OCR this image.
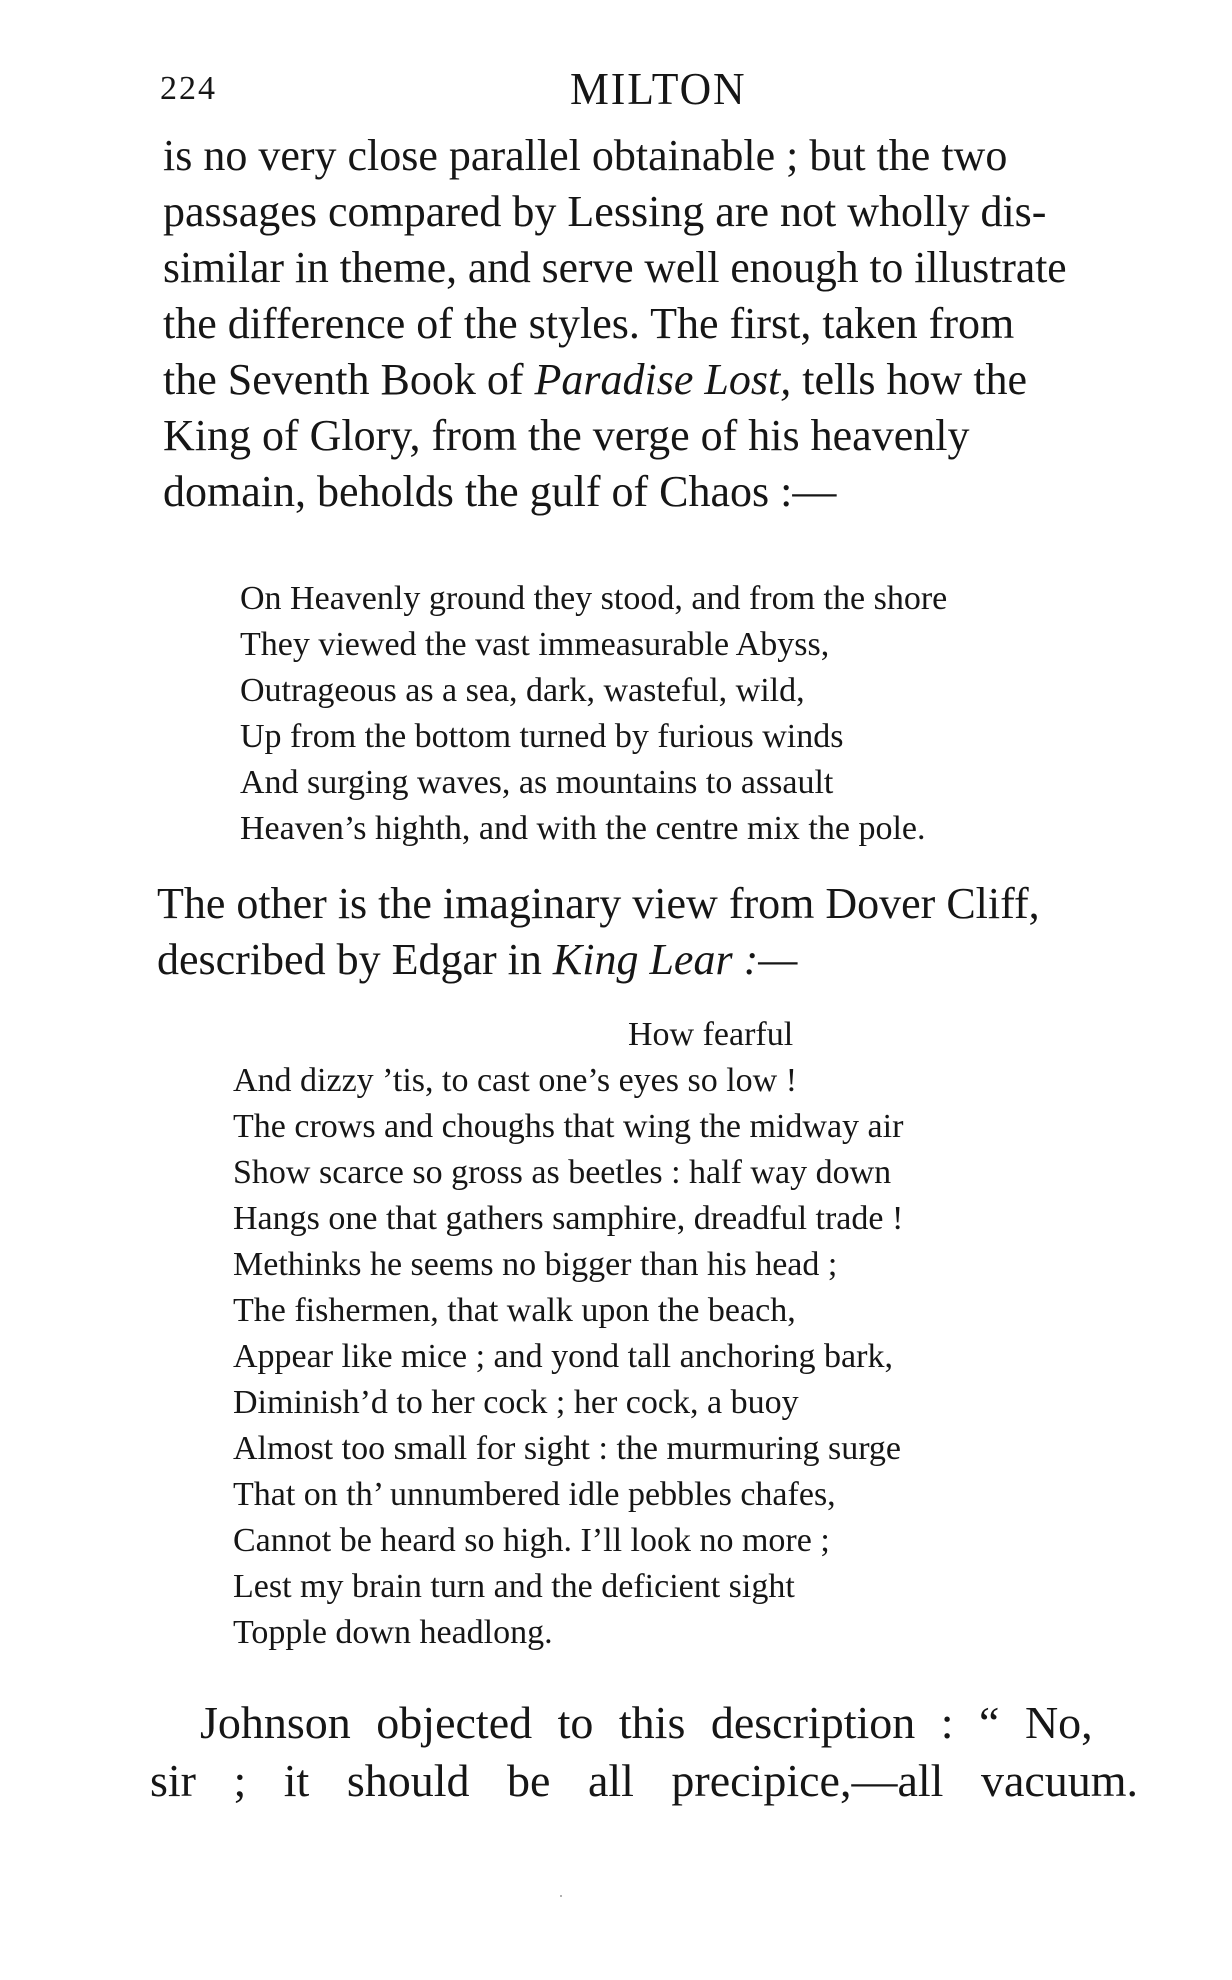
224	MILTON
is no very close parallel obtainable ; but the two
passages compared by Lessing are not wholly dis-
similar in theme, and serve well enough to illustrate
the difference of the styles. The first, taken from
the Seventh Book of Paradise Lost, tells how the
King of Glory, from the verge of his heavenly
domain, beholds the gulf of Chaos :—
On Heavenly ground they stood, and from the shore
They viewed the vast immeasurable Abyss,
Outrageous as a sea, dark, wasteful, wild,
Up from the bottom turned by furious winds
And surging waves, as mountains to assault
Heaven’s highth, and with the centre mix the pole.
The other is the imaginary view from Dover Cliff,
described by Edgar in King Lear :—
How fearful
And dizzy ’tis, to cast one’s eyes so low !
The crows and choughs that wing the midway air
Show scarce so gross as beetles : half way down
Hangs one that gathers samphire, dreadful trade !
Methinks he seems no bigger than his head ;
The fishermen, that walk upon the beach,
Appear like mice ; and yond tall anchoring bark,
Diminish’d to her cock ; her cock, a buoy
Almost too small for sight : the murmuring surge
That on th’ unnumbered idle pebbles chafes,
Cannot be heard so high. I’ll look no more ;
Lest my brain turn and the deficient sight
Topple down headlong.
Johnson objected to this description : “ No,
sir ; it should be all precipice,—all vacuum.
